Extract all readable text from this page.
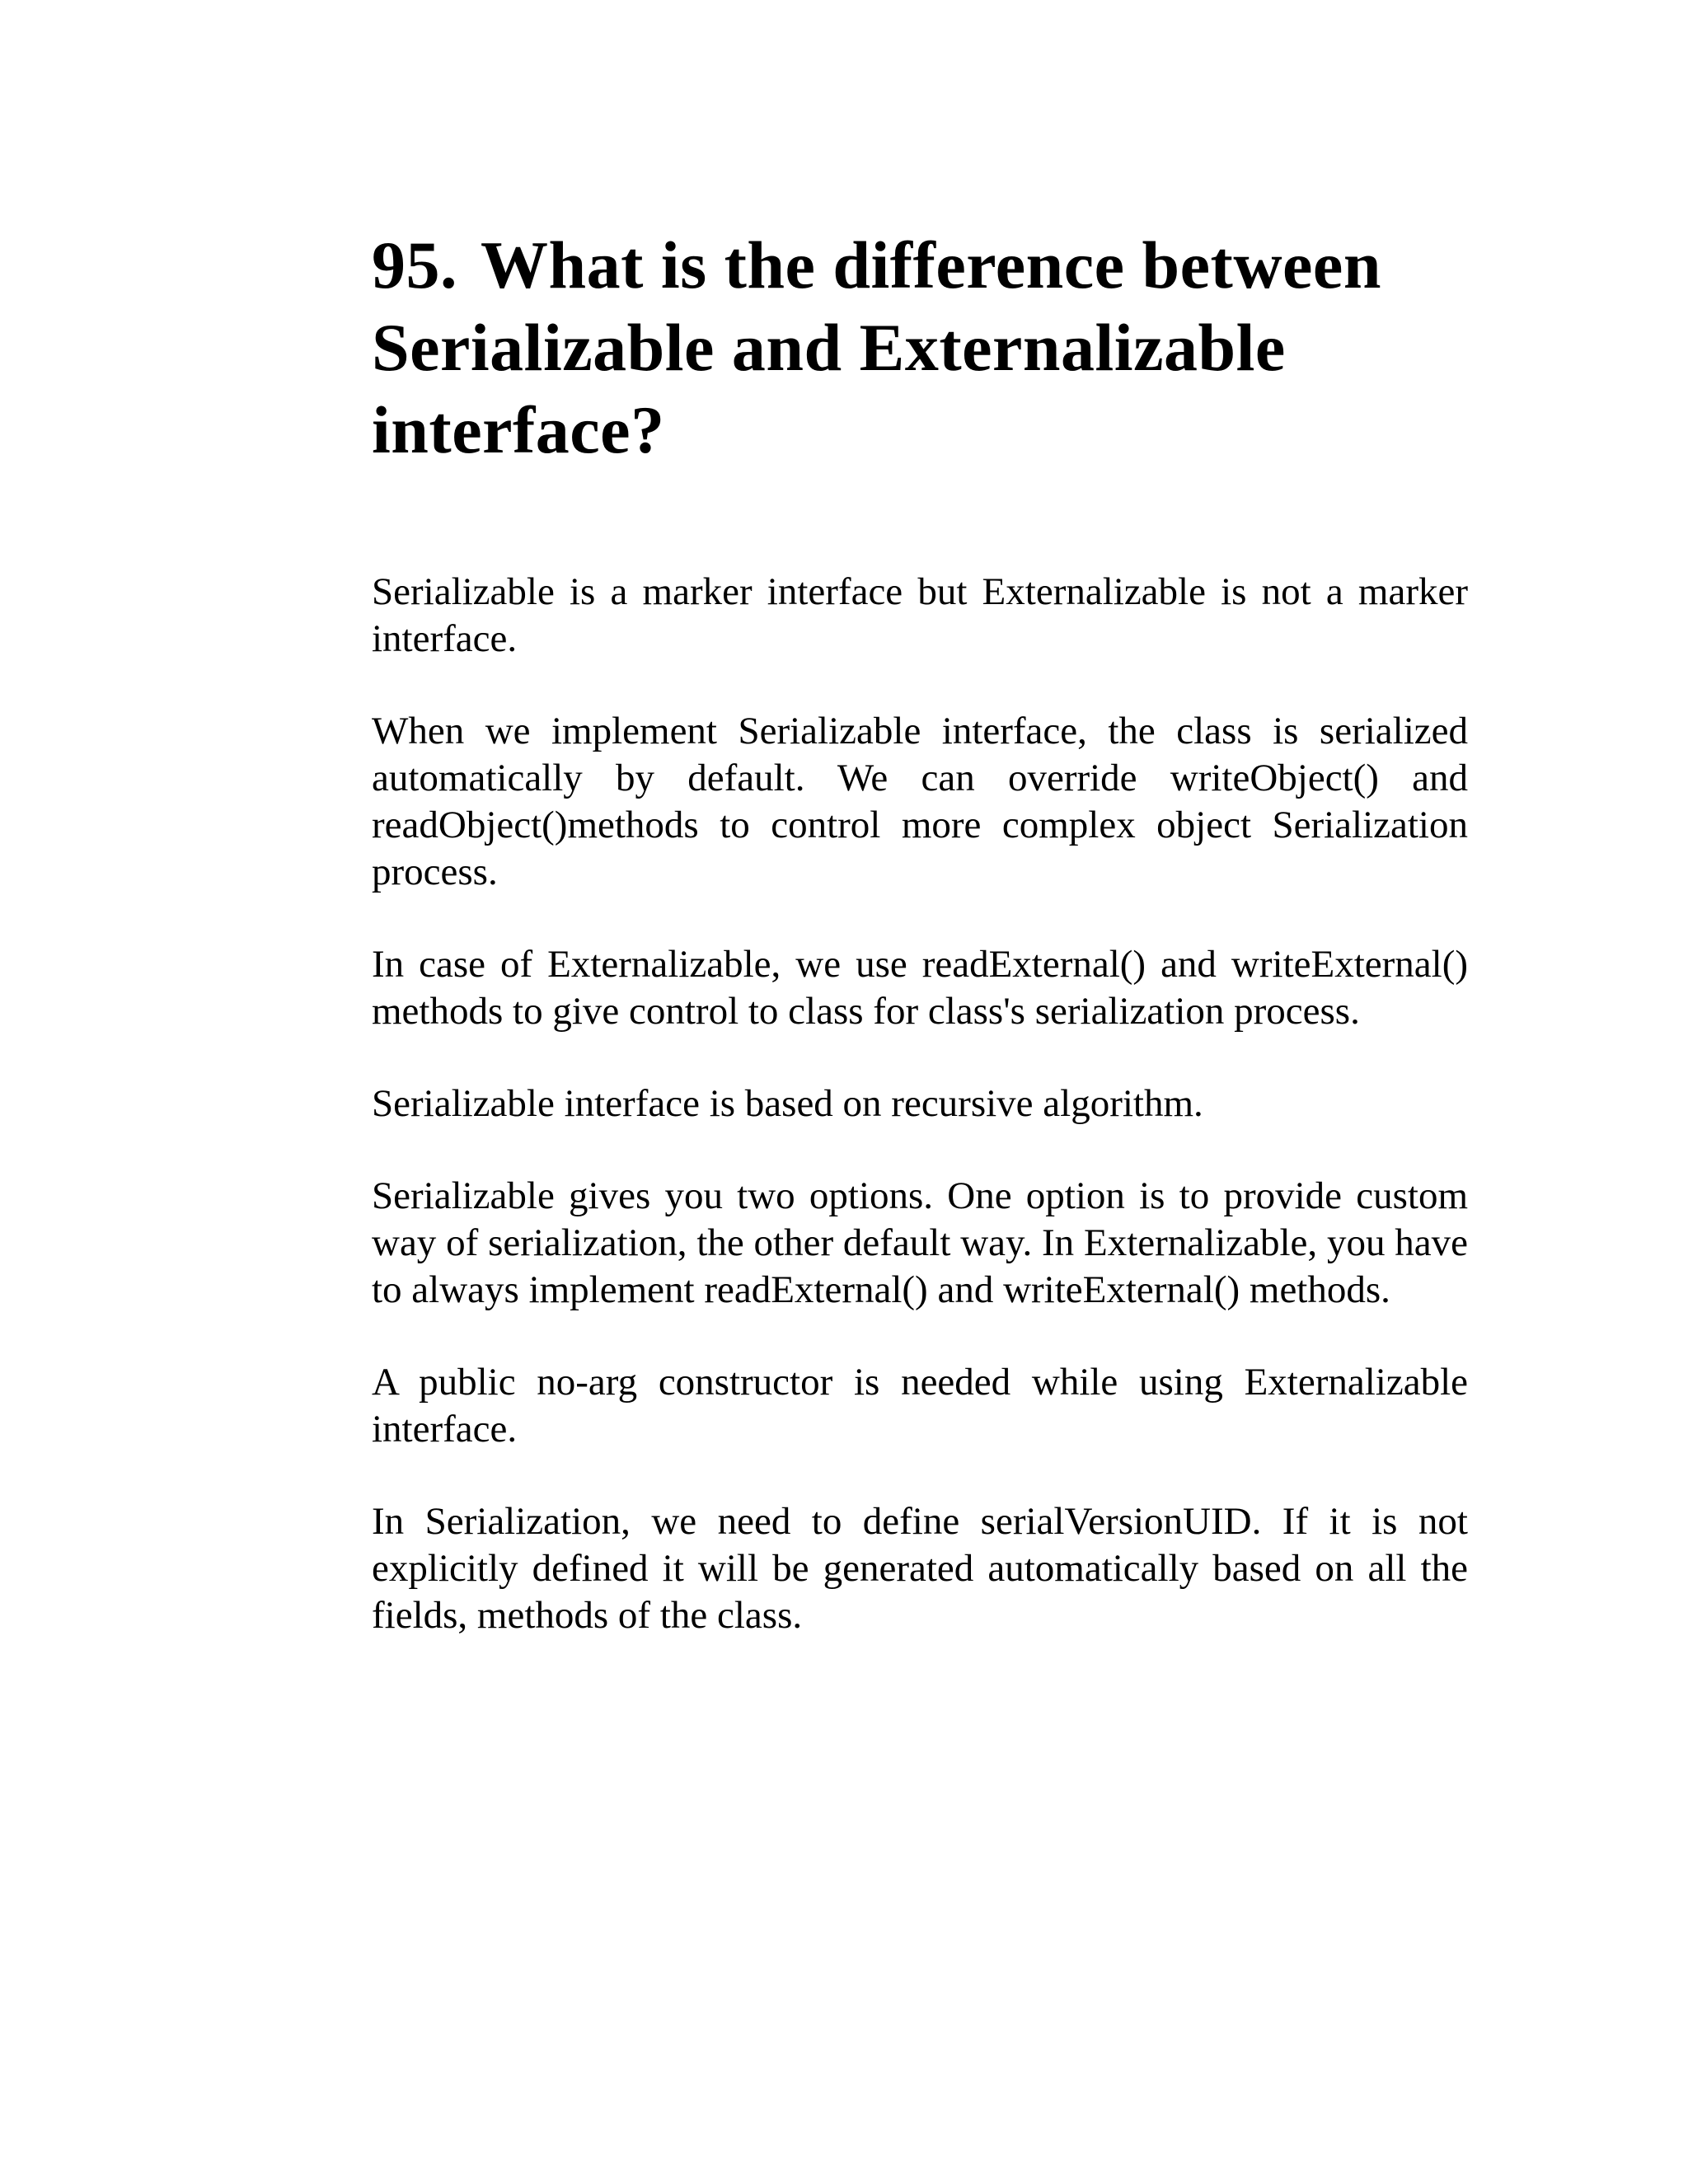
95. What is the difference between Serializable and Externalizable interface?

Serializable is a marker interface but Externalizable is not a marker interface.

When we implement Serializable interface, the class is serialized automatically by default. We can override writeObject() and readObject()methods to control more complex object Serialization process.

In case of Externalizable, we use readExternal() and writeExternal() methods to give control to class for class's serialization process.

Serializable interface is based on recursive algorithm.

Serializable gives you two options. One option is to provide custom way of serialization, the other default way. In Externalizable, you have to always implement readExternal() and writeExternal() methods.

A public no-arg constructor is needed while using Externalizable interface.

In Serialization, we need to define serialVersionUID. If it is not explicitly defined it will be generated automatically based on all the fields, methods of the class.
